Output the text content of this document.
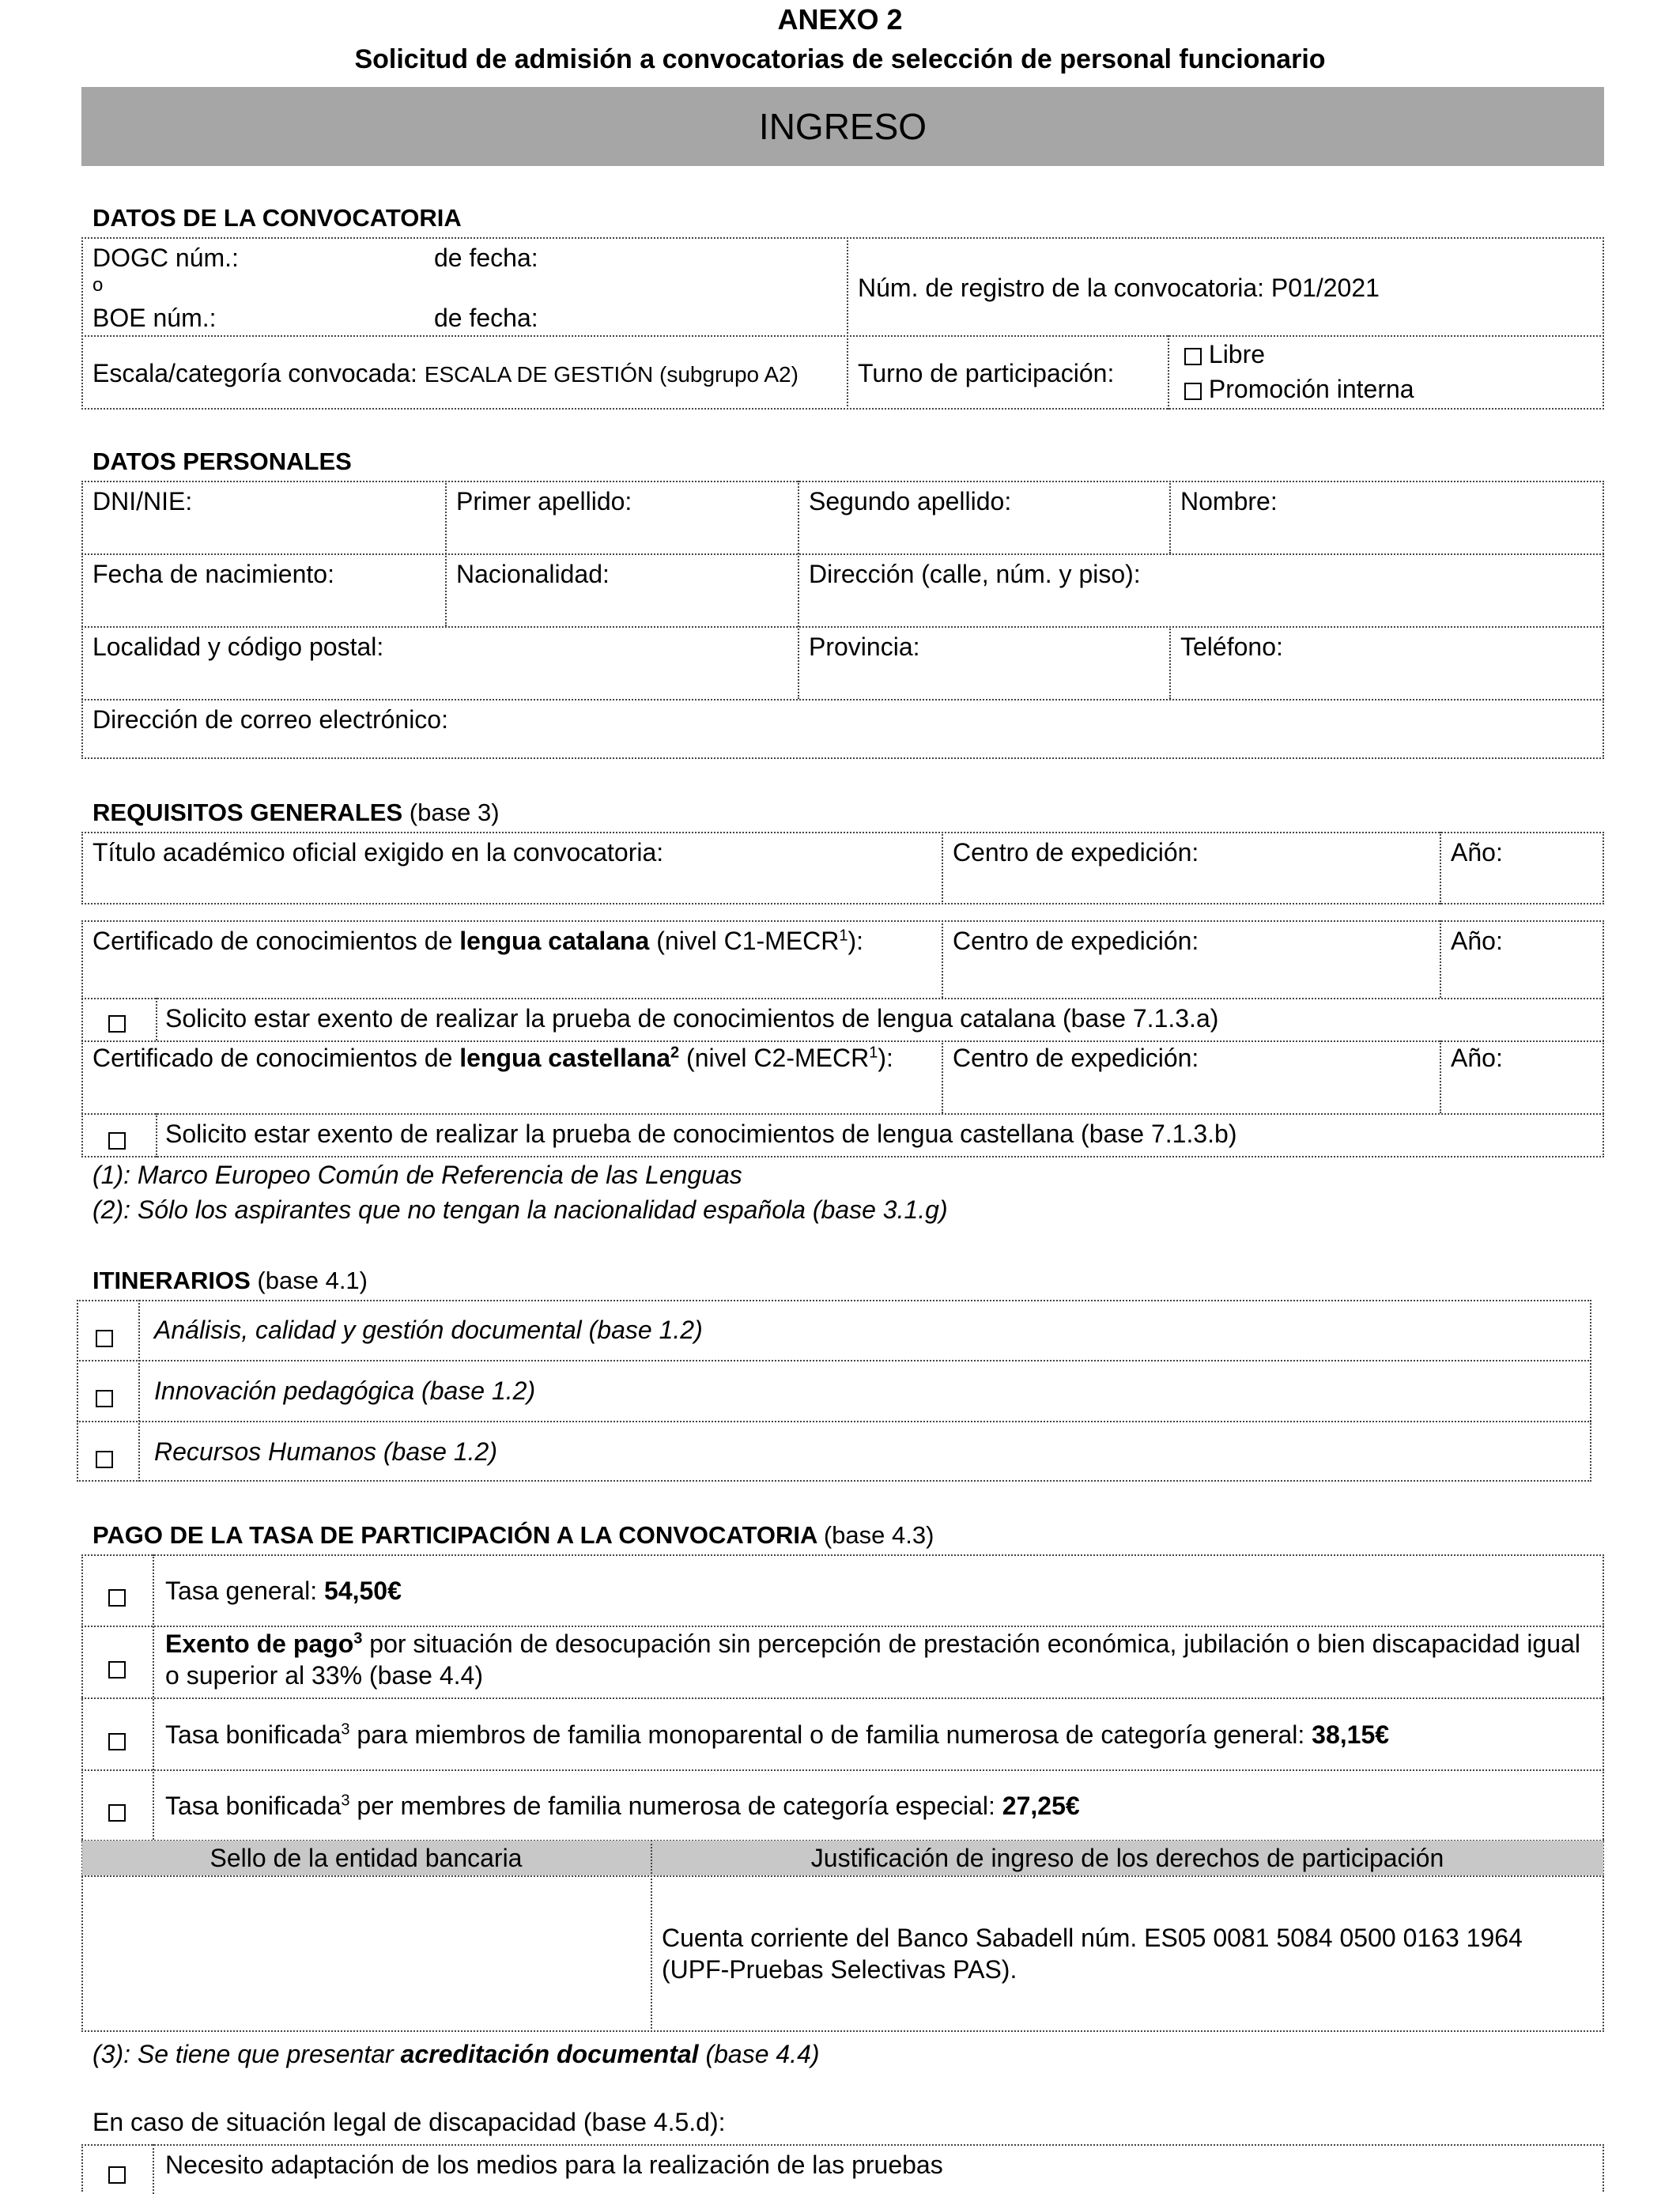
ANEXO 2
Solicitud de admisión a convocatorias de selección de personal funcionario
INGRESO
DATOS DE LA CONVOCATORIA
DOGC núm.:	de fecha:
o
BOE núm.:	de fecha:
Núm. de registro de la convocatoria: P01/2021
Escala/categoría convocada: ESCALA DE GESTIÓN (subgrupo A2) Turno de participación:
Libre
Promoción interna
DATOS PERSONALES
DNI/NIE:	Primer apellido:	Segundo apellido:	Nombre:
Fecha de nacimiento:	Nacionalidad:	Dirección (calle, núm. y piso):
Localidad y código postal:	Provincia:	Teléfono:
Dirección de correo electrónico:
REQUISITOS GENERALES (base 3)
Título académico oficial exigido en la convocatoria:	Centro de expedición:	Año:
Certificado de conocimientos de lengua catalana (nivel C1-MECR$^1$):	Centro de expedición:	Año:
Solicito estar exento de realizar la prueba de conocimientos de lengua catalana (base 7.1.3.a)
Certificado de conocimientos de lengua castellana$^2$ (nivel C2-MECR$^1$): Centro de expedición:	Año:
Solicito estar exento de realizar la prueba de conocimientos de lengua castellana (base 7.1.3.b)
(1): Marco Europeo Común de Referencia de las Lenguas
(2): Sólo los aspirantes que no tengan la nacionalidad española (base 3.1.g)
ITINERARIOS (base 4.1)
Análisis, calidad y gestión documental (base 1.2)
Innovación pedagógica (base 1.2)
Recursos Humanos (base 1.2)
PAGO DE LA TASA DE PARTICIPACIÓN A LA CONVOCATORIA (base 4.3)
Tasa general: 54,50€
Exento de pago$^3$ por situación de desocupación sin percepción de prestación económica, jubilación o bien discapacidad igual o superior al 33% (base 4.4)
Tasa bonificada$^3$ para miembros de familia monoparental o de familia numerosa de categoría general: 38,15€
Tasa bonificada$^3$ per membres de familia numerosa de categoría especial: 27,25€
Sello de la entidad bancaria	Justificación de ingreso de los derechos de participación
Cuenta corriente del Banco Sabadell núm. ES05 0081 5084 0500 0163 1964 (UPF-Pruebas Selectivas PAS).
(3): Se tiene que presentar acreditación documental (base 4.4)
En caso de situación legal de discapacidad (base 4.5.d):
Necesito adaptación de los medios para la realización de las pruebas
